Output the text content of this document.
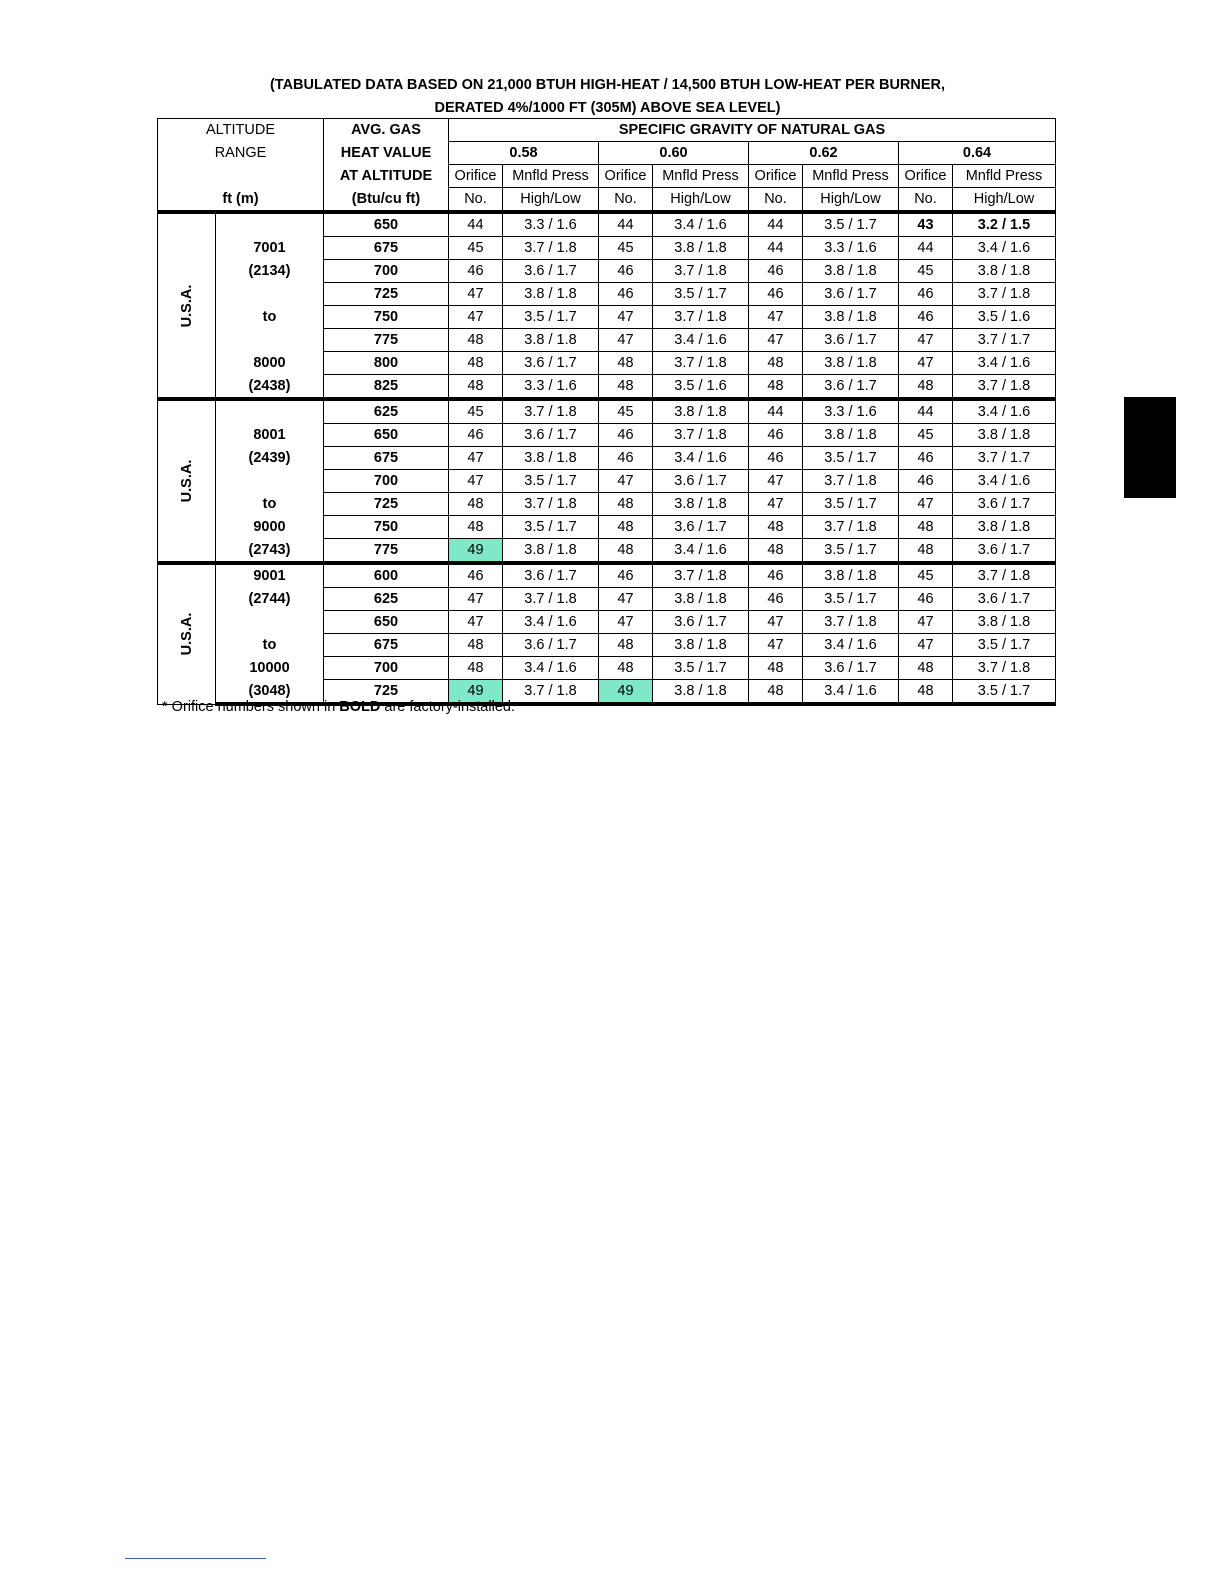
(TABULATED DATA BASED ON 21,000 BTUH HIGH-HEAT / 14,500 BTUH LOW-HEAT PER BURNER,
DERATED 4%/1000 FT (305M) ABOVE SEA LEVEL)
ALTITUDE		AVG. GAS	SPECIFIC GRAVITY OF NATURAL GAS							
RANGE		HEAT VALUE	0.58		0.60		0.62		0.64	
		AT ALTITUDE	Orifice	Mnfld Press	Orifice	Mnfld Press	Orifice	Mnfld Press	Orifice	Mnfld Press
ft (m)		(Btu/cu ft)	No.	High/Low	No.	High/Low	No.	High/Low	No.	High/Low

U.S.A.		650	44	3.3 / 1.6	44	3.4 / 1.6	44	3.5 / 1.7	43	3.2 / 1.5
	7001	675	45	3.7 / 1.8	45	3.8 / 1.8	44	3.3 / 1.6	44	3.4 / 1.6
	(2134)	700	46	3.6 / 1.7	46	3.7 / 1.8	46	3.8 / 1.8	45	3.8 / 1.8
		725	47	3.8 / 1.8	46	3.5 / 1.7	46	3.6 / 1.7	46	3.7 / 1.8
	to	750	47	3.5 / 1.7	47	3.7 / 1.8	47	3.8 / 1.8	46	3.5 / 1.6
		775	48	3.8 / 1.8	47	3.4 / 1.6	47	3.6 / 1.7	47	3.7 / 1.7
	8000	800	48	3.6 / 1.7	48	3.7 / 1.8	48	3.8 / 1.8	47	3.4 / 1.6
	(2438)	825	48	3.3 / 1.6	48	3.5 / 1.6	48	3.6 / 1.7	48	3.7 / 1.8

U.S.A.		625	45	3.7 / 1.8	45	3.8 / 1.8	44	3.3 / 1.6	44	3.4 / 1.6
	8001	650	46	3.6 / 1.7	46	3.7 / 1.8	46	3.8 / 1.8	45	3.8 / 1.8
	(2439)	675	47	3.8 / 1.8	46	3.4 / 1.6	46	3.5 / 1.7	46	3.7 / 1.7
		700	47	3.5 / 1.7	47	3.6 / 1.7	47	3.7 / 1.8	46	3.4 / 1.6
	to	725	48	3.7 / 1.8	48	3.8 / 1.8	47	3.5 / 1.7	47	3.6 / 1.7
	9000	750	48	3.5 / 1.7	48	3.6 / 1.7	48	3.7 / 1.8	48	3.8 / 1.8
	(2743)	775	49	3.8 / 1.8	48	3.4 / 1.6	48	3.5 / 1.7	48	3.6 / 1.7

U.S.A.	9001	600	46	3.6 / 1.7	46	3.7 / 1.8	46	3.8 / 1.8	45	3.7 / 1.8
	(2744)	625	47	3.7 / 1.8	47	3.8 / 1.8	46	3.5 / 1.7	46	3.6 / 1.7
		650	47	3.4 / 1.6	47	3.6 / 1.7	47	3.7 / 1.8	47	3.8 / 1.8
	to	675	48	3.6 / 1.7	48	3.8 / 1.8	47	3.4 / 1.6	47	3.5 / 1.7
	10000	700	48	3.4 / 1.6	48	3.5 / 1.7	48	3.6 / 1.7	48	3.7 / 1.8
	(3048)	725	49	3.7 / 1.8	49	3.8 / 1.8	48	3.4 / 1.6	48	3.5 / 1.7
* Orifice numbers shown in BOLD are factory-installed.
